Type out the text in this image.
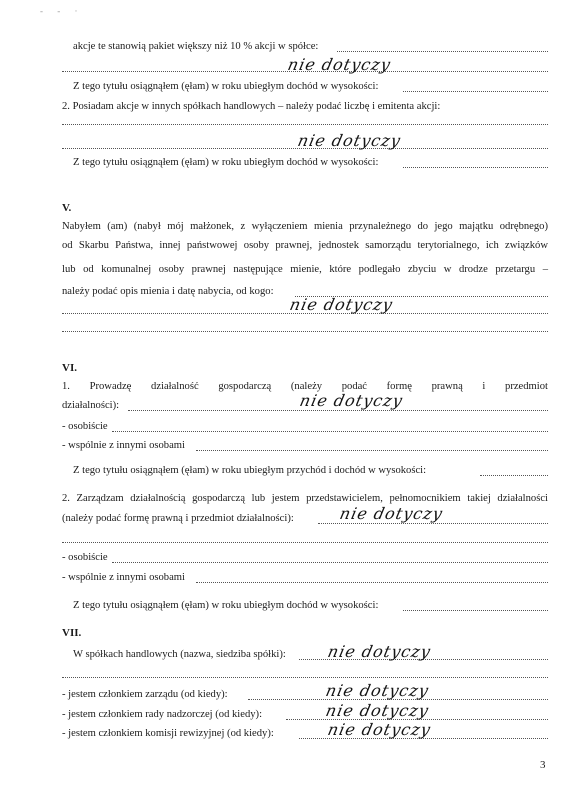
- - ·
akcje te stanowią pakiet większy niż 10 % akcji w spółce:
nie dotyczy
Z tego tytułu osiągnąłem (ęłam) w roku ubiegłym dochód w wysokości:
2. Posiadam akcje w innych spółkach handlowych – należy podać liczbę i emitenta akcji:
nie dotyczy
Z tego tytułu osiągnąłem (ęłam) w roku ubiegłym dochód w wysokości:
V.
Nabyłem (am) (nabył mój małżonek, z wyłączeniem mienia przynależnego do jego majątku odrębnego)
od Skarbu Państwa, innej państwowej osoby prawnej, jednostek samorządu terytorialnego, ich związków
lub od komunalnej osoby prawnej następujące mienie, które podlegało zbyciu w drodze przetargu –
należy podać opis mienia i datę nabycia, od kogo:
nie dotyczy
VI.
1. Prowadzę działalność gospodarczą (należy podać formę prawną i przedmiot
działalności):	nie dotyczy
- osobiście
- wspólnie z innymi osobami
Z tego tytułu osiągnąłem (ęłam) w roku ubiegłym przychód i dochód w wysokości:
2. Zarządzam działalnością gospodarczą lub jestem przedstawicielem, pełnomocnikiem takiej działalności
(należy podać formę prawną i przedmiot działalności):	nie dotyczy
- osobiście
- wspólnie z innymi osobami
Z tego tytułu osiągnąłem (ęłam) w roku ubiegłym dochód w wysokości:
VII.
W spółkach handlowych (nazwa, siedziba spółki):	nie dotyczy
- jestem członkiem zarządu (od kiedy):	nie dotyczy
- jestem członkiem rady nadzorczej (od kiedy):	nie dotyczy
- jestem członkiem komisji rewizyjnej (od kiedy):	nie dotyczy
3
